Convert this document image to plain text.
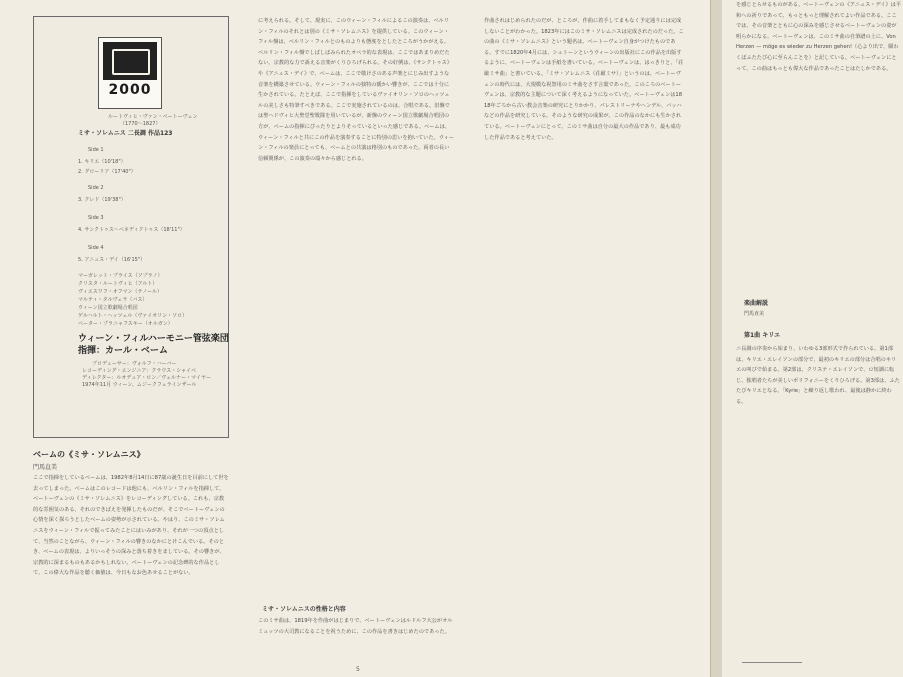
2000
ルートヴィヒ・ヴァン・ベートーヴェン
（1770～1827）
ミサ・ソレムニス 二長調 作品123
Side 1
1. キリエ（10'18"）
2. グローリア（17'40"）
Side 2
3. クレド（19'38"）
Side 3
4. サンクトゥス～ベネディクトゥス（18'11"）
Side 4
5. アニュス・デイ（16'15"）
マーガレット・プライス（ソプラノ）
クリスタ・ルートヴィヒ（アルト）
ヴィエスワフ・オフマン（テノール）
マルティ・タルヴェラ（バス）
ウィーン国立歌劇場合唱団
ゲルハルト・ヘッツェル（ヴァイオリン・ソロ）
ペーター・プラニャフスキー（オルガン）
ウィーン・フィルハーモニー管弦楽団
指揮：カール・ベーム
プロデューサー：ヴォルフ・ハーバー
レコーディング・エンジニア：クラウス・シャイベ
ディレクター：ルオデュア・ロン／ヴェルナー・マイヤー
1974年11月 ウィーン、ムジークフェラインザール
ベームの《ミサ・ソレムニス》
門馬直美
ここで指揮をしているベームは、1982年8月14日に87歳の誕生日を目前にして世を去ってしまった。ベームはこのレコードは他にも、ベルリン・フィルを指揮して、ベートーヴェンの《ミサ・ソレムニス》をレコーディングしている。これも、宗教的な雰囲気のある、それのできばえを発揮したものだが、そこでベートーヴェンの心情を深く探ろうとしたベームの姿勢が示されている。やはり、このミサ・ソレムニスをウィーン・フィルで振ってみたことにはいみがあり、それが一つの頂点として、当然のことながら、ウィーン・フィルの響きのなかにとけこんでいる。そのとき、ベームの表現は、よりいっそうの深みと落ち着きをましている。その響きが、宗教的に深まるものもあるかもしれない。ベートーヴェンの記念碑的な作品として、この偉大な作品を聴く価値は、今日もなお色あせることがない。
に考えられる。そして、現実に、このウィーン・フィルによるこの演奏は、ベルリン・フィルのそれとは別の《ミサ・ソレムニス》を提供している。このウィーン・フィル盤は、ベルリン・フィルとのものよりも態度をとしたところがうかがえる。ベルリン・フィル盤でしばしばみられたオペラ的な表現は、ここではあまりめだたない。宗教的な力で訴える音楽がくりひろげられる。その好例は、《サンクトゥス》や《アニュス・デイ》で、ベームは、ここで敬けさのある声楽とにじみ出すような音楽を構築させている。ウィーン・フィルの独特の暖かい響きが、ここでは十分に生かされている。たとえば、ここで指揮をしているヴァイオリン・ソロのヘッツェルの美しさも特筆すべきである。ここで実施されているのは、合唱である。旧盤では聖ヘドヴィヒ大聖堂聖歌隊を用いているが、新盤のウィーン国立歌劇場合唱団の方が、ベームの指揮にぴったりとよりそっているといった感じである。ベームは、ウィーン・フィルと共にこの作品を演奏することに特別の思いを抱いていた。ウィーン・フィルの楽員にとっても、ベームとの共演は格別のものであった。両者の長い信頼関係が、この演奏の端々から感じとれる。
ミサ・ソレムニスの性格と内容
このミサ曲は、1819年を作曲がはじまりで、ベートーヴェンはルドルフ大公がオルミュッツの大司教になることを祝うために、この作品を書きはじめたのであった。
作曲されはじめられたのだが、ところが、作曲に着手してまもなく予定通りには完成しないことがわかった。1823年にはこのミサ・ソレムニスは完成されたのだった。この曲の《ミサ・ソレムニス》という題名は、ベートーヴェン自身がつけたものである。すでに1820年4月には、シュトーンというウィーンの出版社にこの作品を出版するように、ベートーヴェンは手紙を書いている。ベートーヴェンは、はっきりと、「荘厳ミサ曲」と書いている。「ミサ・ソレムニス（荘厳ミサ）」というのは、ベートーヴェンの時代には、大規模な祝祭用のミサ曲をさす言葉であった。このころのベートーヴェンは、宗教的な主題について深く考えるようになっていた。ベートーヴェンは1818年ごろから古い教会音楽の研究にとりかかり、パレストリーナやヘンデル、バッハなどの作品を研究している。そのような研究の成果が、この作品のなかにも生かされている。ベートーヴェンにとって、このミサ曲は自分の最大の作品であり、最も成功した作品であると考えていた。
5
を感じとらせるものがある。ベートーヴェンの《アニュス・デイ》は平和への祈りであって、もっともっと理解されてよい作品である。ここでは、その音楽とともに心の深みを感じさせるベートーヴェンの姿が明らかになる。ベートーヴェンは、このミサ曲の自筆譜の上に、Von Herzen — möge es wieder zu Herzen gehen!（心より出で、願わくばふたたび心に至らんことを）と記している。ベートーヴェンにとって、この曲はもっとも偉大な作品であったことはたしかである。
楽曲解説
門馬直美
第1曲 キリエ
ニ長調の序奏から始まり、いわゆる3部形式で作られている。第1部は、キリエ・エレイソンの部分で、最初のキリエの部分は合唱のキリエの叫びで始まる。第2部は、クリステ・エレイソンで、ロ短調に転じ、独唱者たちが美しいポリフォニーをくりひろげる。第3部は、ふたたびキリエとなる。「Kyrie」と繰り返し歌われ、最後は静かに終わる。
